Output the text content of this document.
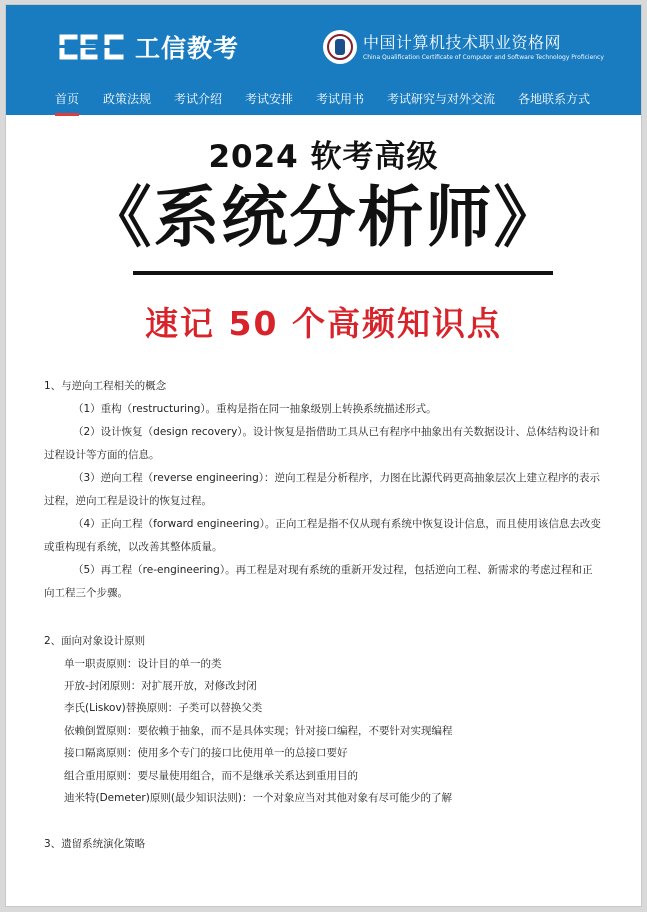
工信教考	中国计算机技术职业资格网
China Qualification Certificate of Computer and Software Technology Proficiency
首页 政策法规 考试介绍 考试安排 考试用书 考试研究与对外交流 各地联系方式
2024 软考高级
《系统分析师》
速记 50 个高频知识点
1、与逆向工程相关的概念
（1）重构（restructuring）。重构是指在同一抽象级别上转换系统描述形式。
（2）设计恢复（design recovery）。设计恢复是指借助工具从已有程序中抽象出有关数据设计、总体结构设计和过程设计等方面的信息。
（3）逆向工程（reverse engineering）：逆向工程是分析程序，力图在比源代码更高抽象层次上建立程序的表示过程，逆向工程是设计的恢复过程。
（4）正向工程（forward engineering）。正向工程是指不仅从现有系统中恢复设计信息，而且使用该信息去改变或重构现有系统，以改善其整体质量。
（5）再工程（re-engineering）。再工程是对现有系统的重新开发过程，包括逆向工程、新需求的考虑过程和正向工程三个步骤。
2、面向对象设计原则
单一职责原则：设计目的单一的类
开放-封闭原则：对扩展开放，对修改封闭
李氏(Liskov)替换原则：子类可以替换父类
依赖倒置原则：要依赖于抽象，而不是具体实现；针对接口编程，不要针对实现编程
接口隔离原则：使用多个专门的接口比使用单一的总接口要好
组合重用原则：要尽量使用组合，而不是继承关系达到重用目的
迪米特(Demeter)原则(最少知识法则)：一个对象应当对其他对象有尽可能少的了解
3、遗留系统演化策略
